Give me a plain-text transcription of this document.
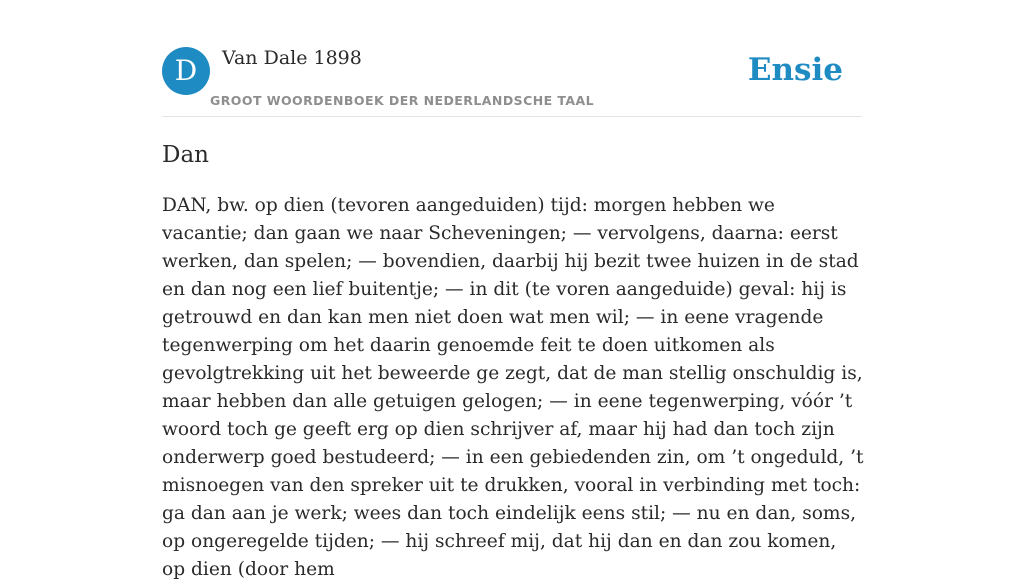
D	Van Dale 1898
GROOT WOORDENBOEK DER NEDERLANDSCHE TAAL
Ensie
Dan

DAN, bw. op dien (tevoren aangeduiden) tijd: morgen hebben we vacantie; dan gaan we naar Scheveningen; — vervolgens, daarna: eerst werken, dan spelen; — bovendien, daarbij hij bezit twee huizen in de stad en dan nog een lief buitentje; — in dit (te voren aangeduide) geval: hij is getrouwd en dan kan men niet doen wat men wil; — in eene vragende tegenwerping om het daarin genoemde feit te doen uitkomen als gevolgtrekking uit het beweerde ge zegt, dat de man stellig onschuldig is, maar hebben dan alle getuigen gelogen; — in eene tegenwerping, vóór ’t woord toch ge geeft erg op dien schrijver af, maar hij had dan toch zijn onderwerp goed bestudeerd; — in een gebiedenden zin, om ’t ongeduld, ’t misnoegen van den spreker uit te drukken, vooral in verbinding met toch: ga dan aan je werk; wees dan toch eindelijk eens stil; — nu en dan, soms, op ongeregelde tijden; — hij schreef mij, dat hij dan en dan zou komen, op dien (door hem
